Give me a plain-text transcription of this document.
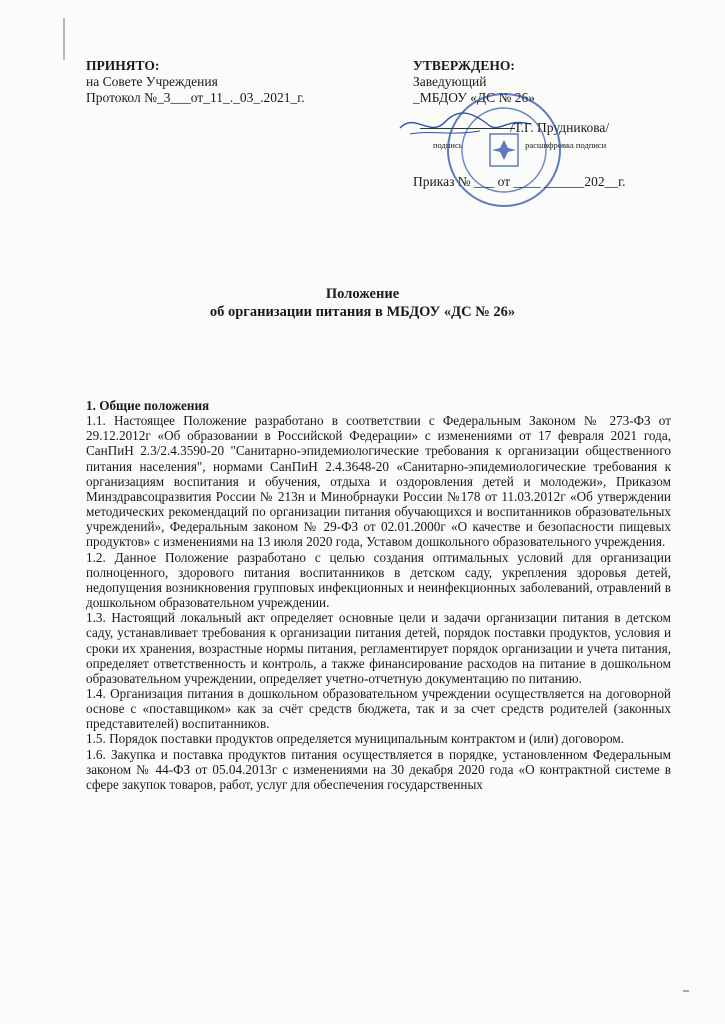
ПРИНЯТО:
на Совете Учреждения
Протокол №_3___от_11_._03_.2021_г.
УТВЕРЖДЕНО:
Заведующий
_МБДОУ «ДС № 26»
/Т.Г. Прудникова/
подпись	расшифровка подписи
Приказ № ___ от ____ ______202__г.
Положение
об организации питания в МБДОУ «ДС № 26»

1. Общие положения

1.1. Настоящее Положение разработано в соответствии с Федеральным Законом № 273-ФЗ от 29.12.2012г «Об образовании в Российской Федерации» с изменениями от 17 февраля 2021 года, СанПиН 2.3/2.4.3590-20 "Санитарно-эпидемиологические требования к организации общественного питания населения", нормами СанПиН 2.4.3648-20 «Санитарно-эпидемиологические требования к организациям воспитания и обучения, отдыха и оздоровления детей и молодежи», Приказом Минздравсоцразвития России № 213н и Минобрнауки России №178 от 11.03.2012г «Об утверждении методических рекомендаций по организации питания обучающихся и воспитанников образовательных учреждений», Федеральным законом № 29-ФЗ от 02.01.2000г «О качестве и безопасности пищевых продуктов» с изменениями на 13 июля 2020 года, Уставом дошкольного образовательного учреждения.

1.2. Данное Положение разработано с целью создания оптимальных условий для организации полноценного, здорового питания воспитанников в детском саду, укрепления здоровья детей, недопущения возникновения групповых инфекционных и неинфекционных заболеваний, отравлений в дошкольном образовательном учреждении.

1.3. Настоящий локальный акт определяет основные цели и задачи организации питания в детском саду, устанавливает требования к организации питания детей, порядок поставки продуктов, условия и сроки их хранения, возрастные нормы питания, регламентирует порядок организации и учета питания, определяет ответственность и контроль, а также финансирование расходов на питание в дошкольном образовательном учреждении, определяет учетно-отчетную документацию по питанию.

1.4. Организация питания в дошкольном образовательном учреждении осуществляется на договорной основе с «поставщиком» как за счёт средств бюджета, так и за счет средств родителей (законных представителей) воспитанников.

1.5. Порядок поставки продуктов определяется муниципальным контрактом и (или) договором.

1.6. Закупка и поставка продуктов питания осуществляется в порядке, установленном Федеральным законом № 44-ФЗ от 05.04.2013г с изменениями на 30 декабря 2020 года «О контрактной системе в сфере закупок товаров, работ, услуг для обеспечения государственных
